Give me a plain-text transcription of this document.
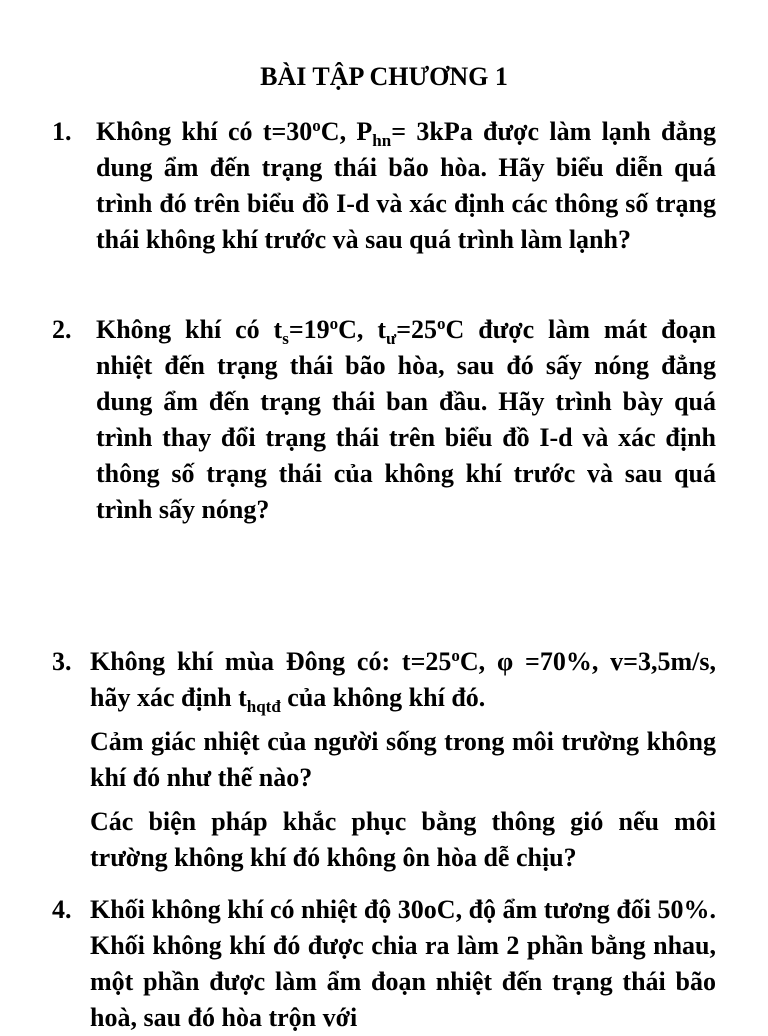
BÀI TẬP CHƯƠNG 1
1. Không khí có $t=30^oC$, $P_{hn}= 3kPa$ được làm lạnh đẳng dung ẩm đến trạng thái bão hòa. Hãy biểu diễn quá trình đó trên biểu đồ I-d và xác định các thông số trạng thái không khí trước và sau quá trình làm lạnh?
2. Không khí có $t_s=19^oC$, $t_ư=25^oC$ được làm mát đoạn nhiệt đến trạng thái bão hòa, sau đó sấy nóng đẳng dung ẩm đến trạng thái ban đầu. Hãy trình bày quá trình thay đổi trạng thái trên biểu đồ I-d và xác định thông số trạng thái của không khí trước và sau quá trình sấy nóng?
3. Không khí mùa Đông có: $t=25^oC$, φ =70%, v=3,5m/s, hãy xác định $t_{hqtđ}$ của không khí đó.
Cảm giác nhiệt của người sống trong môi trường không khí đó như thế nào?
Các biện pháp khắc phục bằng thông gió nếu môi trường không khí đó không ôn hòa dễ chịu?
4. Khối không khí có nhiệt độ 30oC, độ ẩm tương đối 50%. Khối không khí đó được chia ra làm 2 phần bằng nhau, một phần được làm ẩm đoạn nhiệt đến trạng thái bão hoà, sau đó hòa trộn với
